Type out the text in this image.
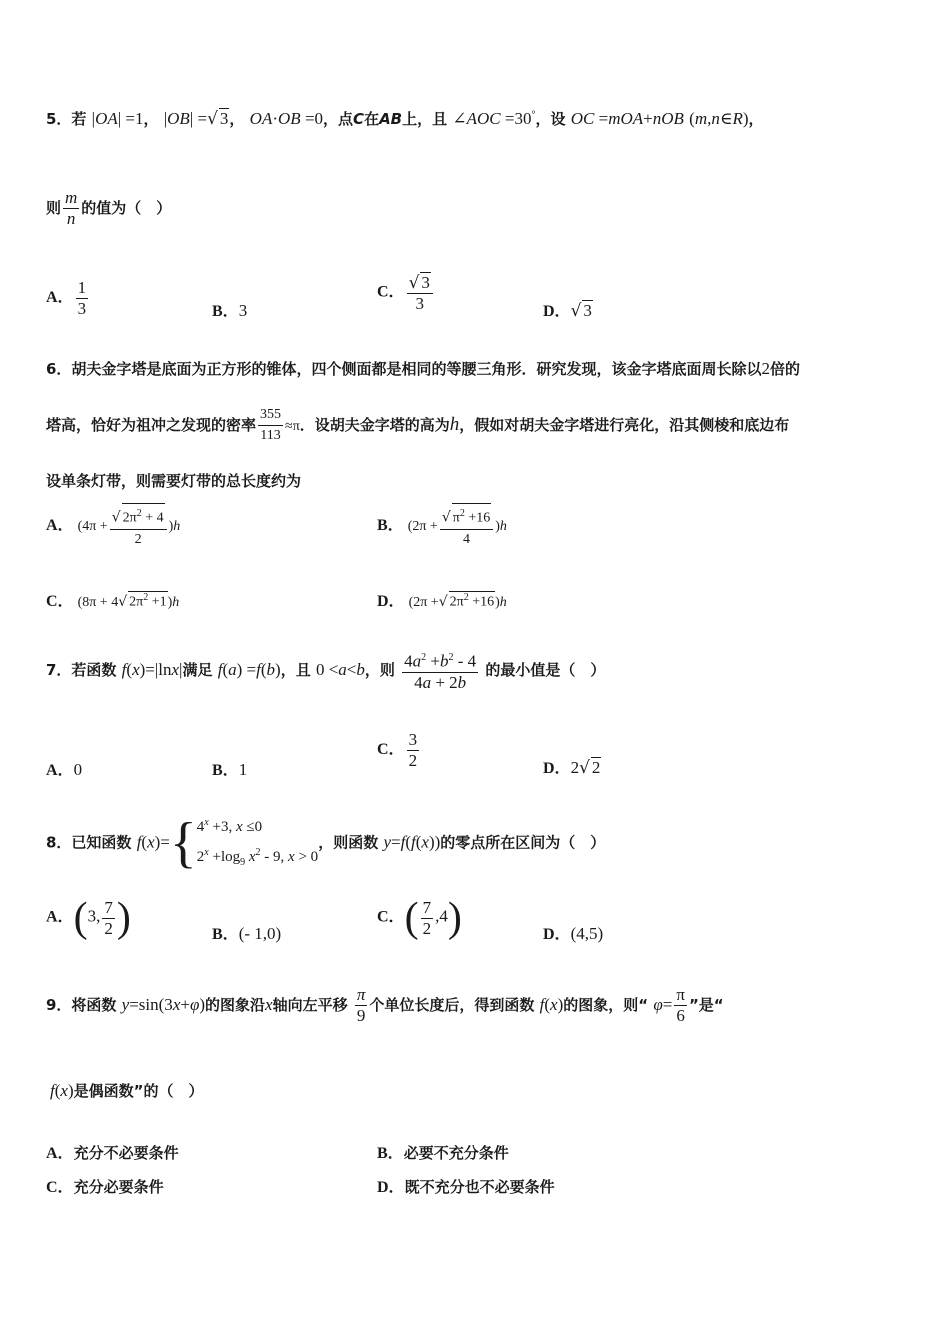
5．若 |OA| =1， |OB| =√ 3， OA·OB =0，点C在AB上，且 ∠AOC =30°，设 OC =mOA+nOB (m,n∈R)，
则 $\frac{m}{n}$ 的值为（　）
A． $\frac{1}{3}$	B．3
C． $\frac{√ 3}{3}$	D．√ 3
6．胡夫金字塔是底面为正方形的锥体，四个侧面都是相同的等腰三角形．研究发现，该金字塔底面周长除以2倍的
塔高，恰好为祖冲之发现的密率 $\frac{355}{113} \approx\pi$．设胡夫金字塔的高为h，假如对胡夫金字塔进行亮化，沿其侧棱和底边布
设单条灯带，则需要灯带的总长度约为
A． $(4\pi + \frac{√ 2\pi^2 + 4}{2} )h$	B． $(2\pi + \frac{√ \pi^2 +16}{4} )h$
C． (8π + 4√ $2\pi^2 +1)h$	D． (2π +√ $2\pi^2 +16)h$
7．若函数 f(x)=|lnx|满足 f(a) =f(b)，且 0 <a<b，则 $\frac{4a^2 +b^2 - 4}{4a + 2b}$ 的最小值是（　）
A．0	B．1
C． $\frac{3}{2}$	D．2√ 2
8．已知函数 f(x)={ $4^x +3$, x ≤0
$2^x +\log_9$ $x^2 - 9$, x > 0
，则函数 y=f(f(x))的零点所在区间为（　）
A．(3, $\frac{7}{2}$ )	B．(- 1,0)
C．( $\frac{7}{2} ,4$)	D．(4,5)
9．将函数 y=sin(3x+φ)的图象沿x轴向左平移 $\frac{\pi}{9}$ 个单位长度后，得到函数 f(x)的图象，则“ $\varphi= \frac{\pi}{6}$ ”是“
f(x)是偶函数”的（　）
A．充分不必要条件	B．必要不充分条件
C．充分必要条件	D．既不充分也不必要条件
